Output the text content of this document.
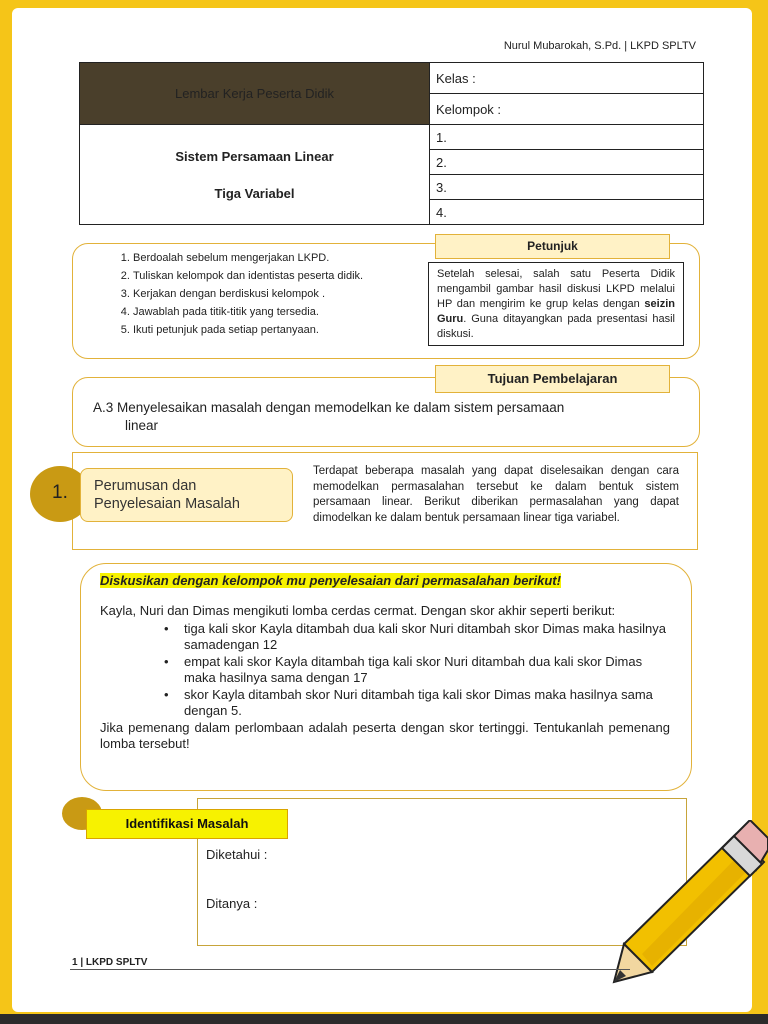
Nurul Mubarokah, S.Pd. | LKPD SPLTV
Lembar Kerja Peserta Didik	Kelas :
	Kelompok :

Sistem Persamaan Linear
Tiga Variabel	1.
	2.
	3.
	4.
Petunjuk
1. Berdoalah sebelum mengerjakan LKPD.
2. Tuliskan kelompok dan identistas peserta didik.
3. Kerjakan dengan berdiskusi kelompok .
4. Jawablah pada titik-titik yang tersedia.
5. Ikuti petunjuk pada setiap pertanyaan.
Setelah selesai, salah satu Peserta Didik mengambil gambar hasil diskusi LKPD melalui HP dan mengirim ke grup kelas dengan seizin Guru. Guna ditayangkan pada presentasi hasil diskusi.
Tujuan Pembelajaran
A.3 Menyelesaikan masalah dengan memodelkan ke dalam sistem persamaan
linear
1. Perumusan dan
Penyelesaian Masalah
Terdapat beberapa masalah yang dapat diselesaikan dengan cara memodelkan permasalahan tersebut ke dalam bentuk sistem persamaan linear. Berikut diberikan permasalahan yang dapat dimodelkan ke dalam bentuk persamaan linear tiga variabel.
Diskusikan dengan kelompok mu penyelesaian dari permasalahan berikut!
Kayla, Nuri dan Dimas mengikuti lomba cerdas cermat. Dengan skor akhir seperti berikut:
• tiga kali skor Kayla ditambah dua kali skor Nuri ditambah skor Dimas maka hasilnya samadengan 12
• empat kali skor Kayla ditambah tiga kali skor Nuri ditambah dua kali skor Dimas maka hasilnya sama dengan 17
• skor Kayla ditambah skor Nuri ditambah tiga kali skor Dimas maka hasilnya sama dengan 5.
Jika pemenang dalam perlombaan adalah peserta dengan skor tertinggi. Tentukanlah pemenang lomba tersebut!
Identifikasi Masalah
Diketahui :
Ditanya :
1 | LKPD SPLTV
